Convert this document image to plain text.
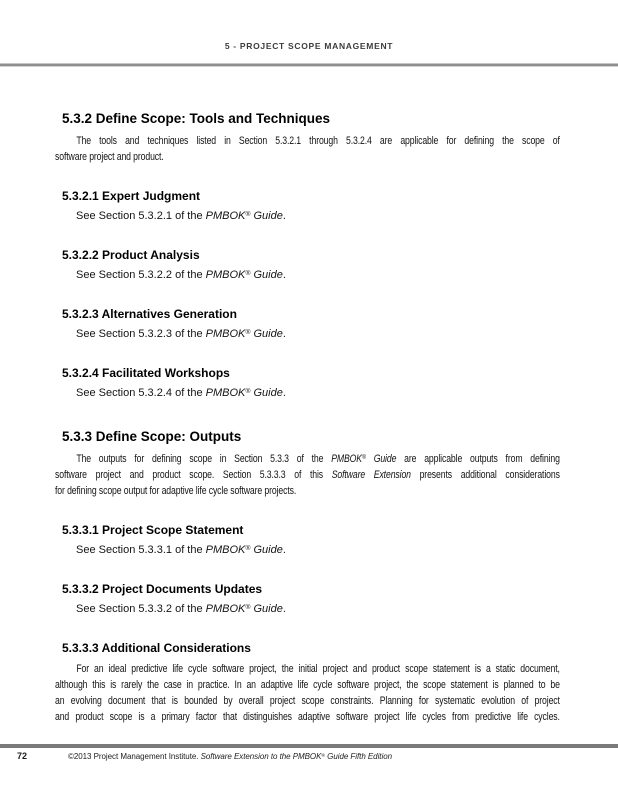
5 - PROJECT SCOPE MANAGEMENT
5.3.2 Define Scope: Tools and Techniques
The tools and techniques listed in Section 5.3.2.1 through 5.3.2.4 are applicable for defining the scope of
software project and product.
5.3.2.1 Expert Judgment
See Section 5.3.2.1 of the PMBOK® Guide.
5.3.2.2 Product Analysis
See Section 5.3.2.2 of the PMBOK® Guide.
5.3.2.3 Alternatives Generation
See Section 5.3.2.3 of the PMBOK® Guide.
5.3.2.4 Facilitated Workshops
See Section 5.3.2.4 of the PMBOK® Guide.
5.3.3 Define Scope: Outputs
The outputs for defining scope in Section 5.3.3 of the PMBOK® Guide are applicable outputs from defining
software project and product scope. Section 5.3.3.3 of this Software Extension presents additional considerations
for defining scope output for adaptive life cycle software projects.
5.3.3.1 Project Scope Statement
See Section 5.3.3.1 of the PMBOK® Guide.
5.3.3.2 Project Documents Updates
See Section 5.3.3.2 of the PMBOK® Guide.
5.3.3.3 Additional Considerations
For an ideal predictive life cycle software project, the initial project and product scope statement is a static document,
although this is rarely the case in practice. In an adaptive life cycle software project, the scope statement is planned to be
an evolving document that is bounded by overall project scope constraints. Planning for systematic evolution of project
and product scope is a primary factor that distinguishes adaptive software project life cycles from predictive life cycles.
72	©2013 Project Management Institute. Software Extension to the PMBOK® Guide Fifth Edition
